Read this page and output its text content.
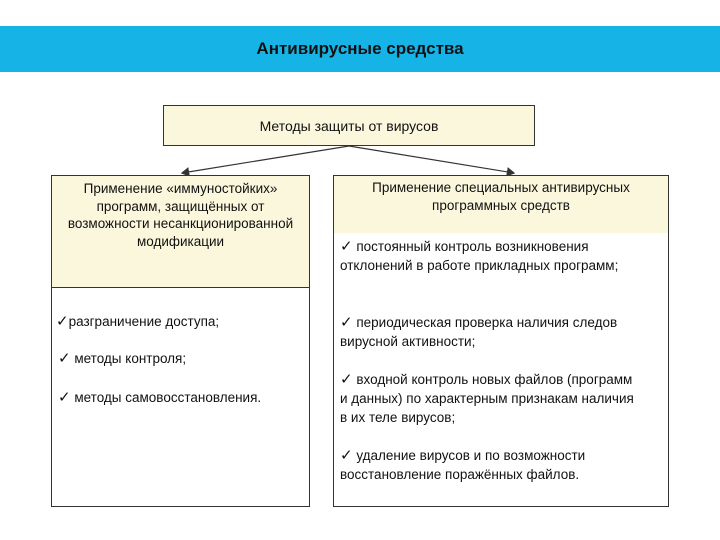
Антивирусные средства
Методы защиты от вирусов
Применение «иммуностойких» программ, защищённых от возможности несанкционированной модификации
✓разграничение доступа;
✓ методы контроля;
✓ методы самовосстановления.
Применение специальных антивирусных программных средств
✓ постоянный контроль возникновения отклонений в работе прикладных программ;
✓ периодическая проверка наличия следов вирусной активности;
✓ входной контроль новых файлов (программ и данных) по характерным признакам наличия в их теле вирусов;
✓ удаление вирусов и по возможности восстановление поражённых файлов.
